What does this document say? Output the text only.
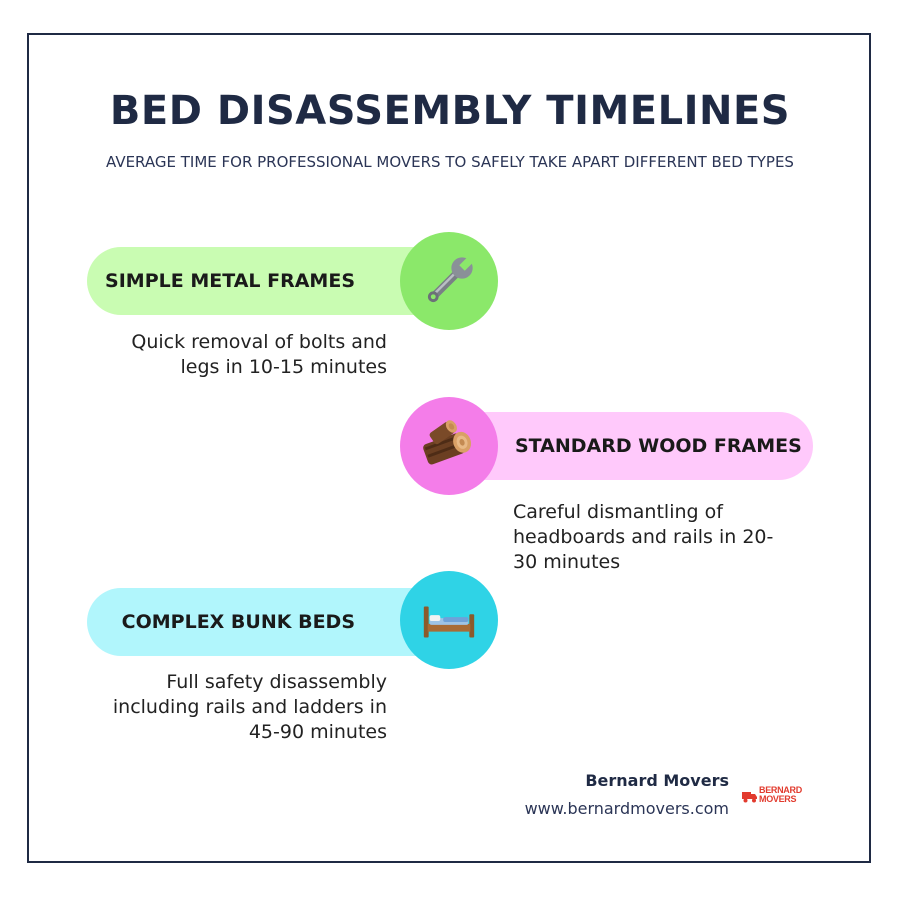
BED DISASSEMBLY TIMELINES

AVERAGE TIME FOR PROFESSIONAL MOVERS TO SAFELY TAKE APART DIFFERENT BED TYPES

SIMPLE METAL FRAMES
Quick removal of bolts and legs in 10-15 minutes
STANDARD WOOD FRAMES
Careful dismantling of headboards and rails in 20-30 minutes
COMPLEX BUNK BEDS
Full safety disassembly including rails and ladders in 45-90 minutes
Bernard Movers
www.bernardmovers.com
BERNARD
MOVERS
